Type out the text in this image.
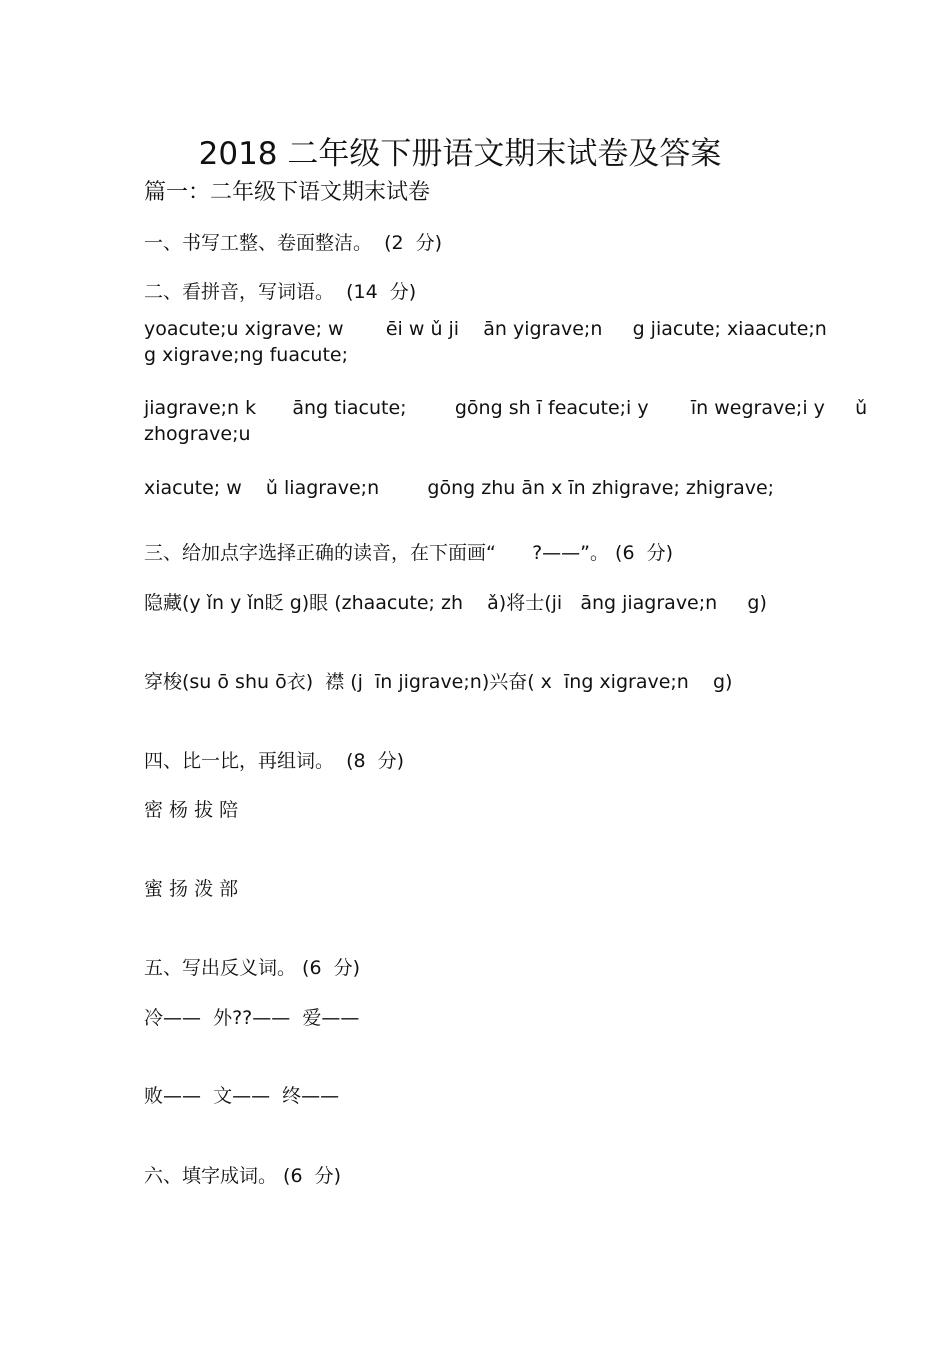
2018 二年级下册语文期末试卷及答案

篇一：二年级下语文期末试卷

一、书写工整、卷面整洁。  (2  分)

二、看拼音，写词语。  (14  分)

yoacute;u xigrave; w       ēi w ǔ ji    ān yigrave;n     g jiacute; xiaacute;n

g xigrave;ng fuacute;

jiagrave;n k      āng tiacute;        gōng sh ī feacute;i y       īn wegrave;i y     ǔ

zhograve;u

xiacute; w    ǔ liagrave;n        gōng zhu ān x īn zhigrave; zhigrave;

三、给加点字选择正确的读音，在下面画“      ?——”。 (6  分)

隐藏(y ǐn y ǐn眨 g)眼 (zhaacute; zh    ǎ)将士(ji   āng jiagrave;n     g)

穿梭(su ō shu ō衣)  襟 (j  īn jigrave;n)兴奋( x  īng xigrave;n    g)

四、比一比，再组词。  (8  分)

密 杨 拔 陪

蜜 扬 泼 部

五、写出反义词。 (6  分)

冷——  外??——  爱——

败——  文——  终——

六、填字成词。 (6  分)
